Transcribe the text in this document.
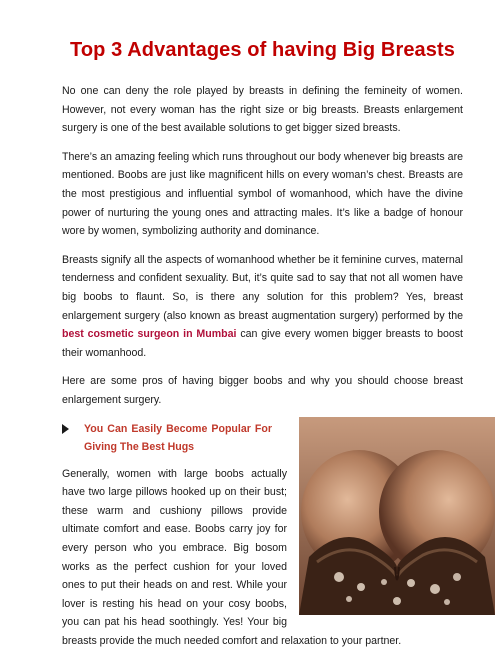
Top 3 Advantages of having Big Breasts

No one can deny the role played by breasts in defining the femineity of women. However, not every woman has the right size or big breasts. Breasts enlargement surgery is one of the best available solutions to get bigger sized breasts.

There’s an amazing feeling which runs throughout our body whenever big breasts are mentioned. Boobs are just like magnificent hills on every woman’s chest. Breasts are the most prestigious and influential symbol of womanhood, which have the divine power of nurturing the young ones and attracting males. It’s like a badge of honour wore by women, symbolizing authority and dominance.

Breasts signify all the aspects of womanhood whether be it feminine curves, maternal tenderness and confident sexuality. But, it’s quite sad to say that not all women have big boobs to flaunt. So, is there any solution for this problem? Yes, breast enlargement surgery (also known as breast augmentation surgery) performed by the best cosmetic surgeon in Mumbai can give every women bigger breasts to boost their womanhood.

Here are some pros of having bigger boobs and why you should choose breast enlargement surgery.

You Can Easily Become Popular For Giving The Best Hugs

Generally, women with large boobs actually have two large pillows hooked up on their bust; these warm and cushiony pillows provide ultimate comfort and ease. Boobs carry joy for every person who you embrace. Big bosom works as the perfect cushion for your loved ones to put their heads on and rest. While your lover is resting his head on your cosy boobs, you can pat his head soothingly. Yes! Your big breasts provide the much needed comfort and relaxation to your partner.
